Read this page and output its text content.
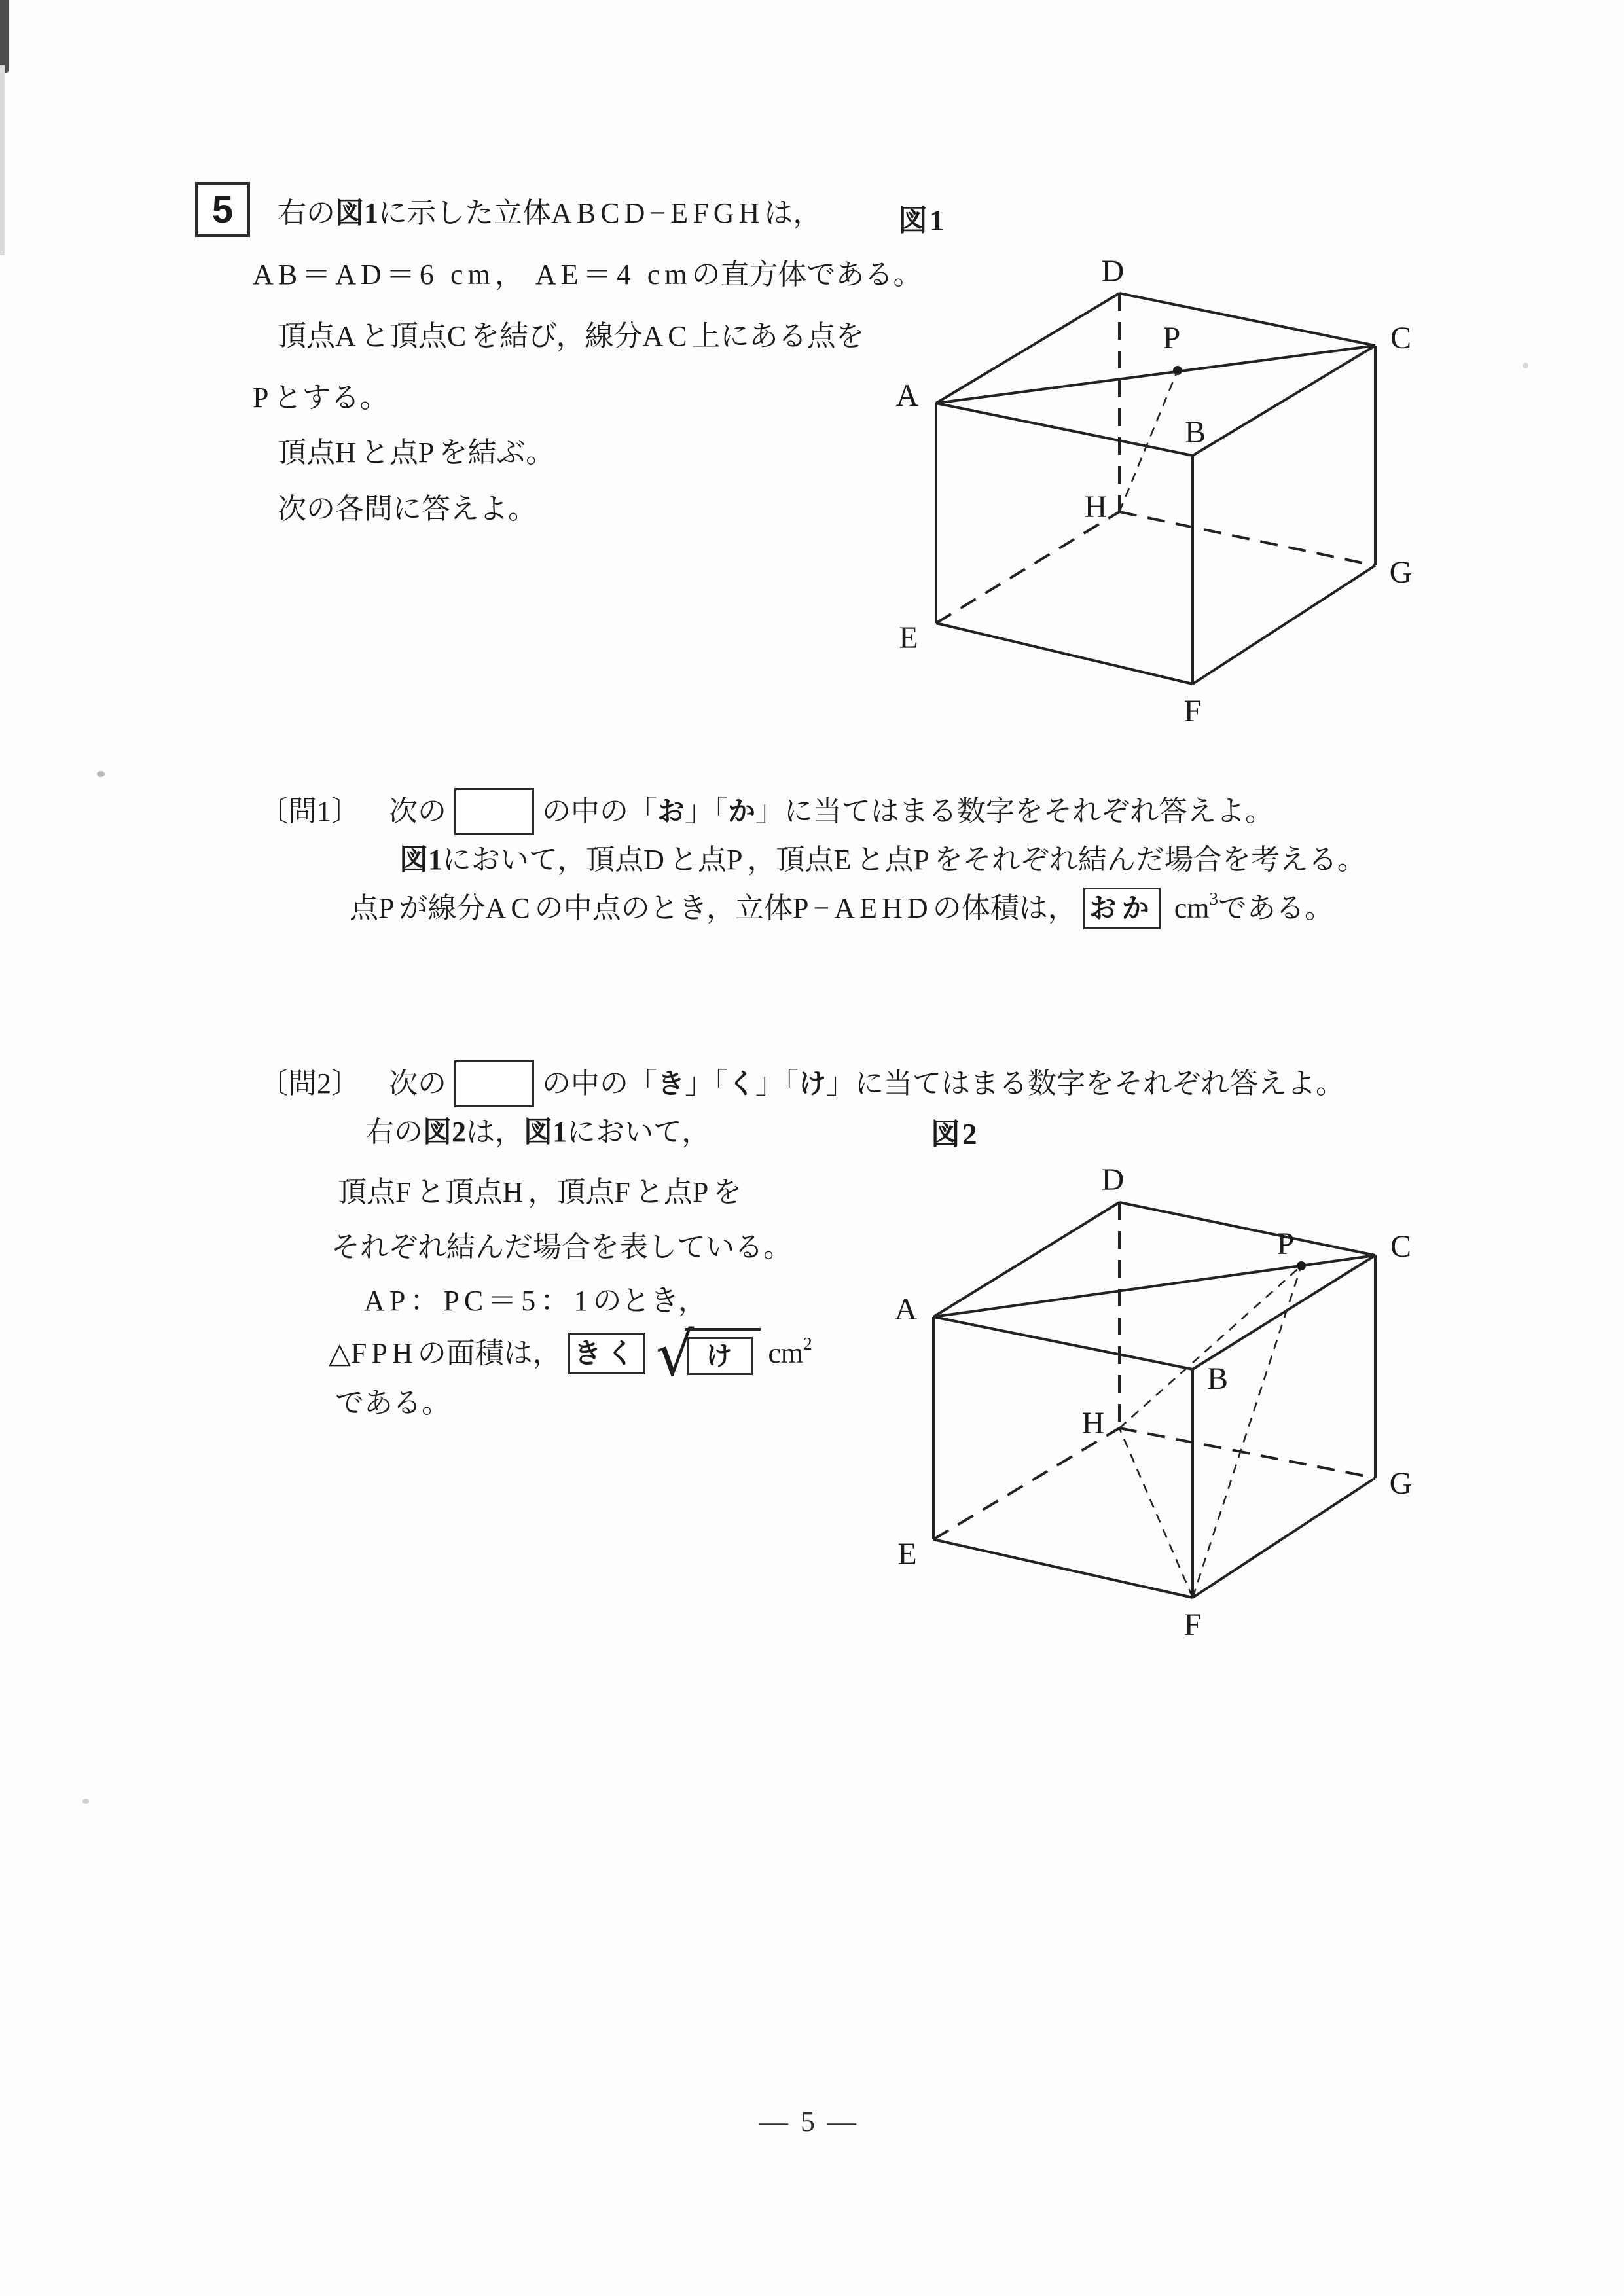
5 右の 図1 に示した立体 ABCD−EFGH は，
AB＝AD＝6 cm，
AE＝4 cm の直方体である。
頂点 A と頂点 C を結び，線分 AC 上にある点を
P とする。
頂点 H と点 P を結ぶ。
次の各問に答えよ。
図1
A
B
C
D
E
F
G
H
P
〔問1〕 　次の	の中の「 お 」「 か 」に当てはまる数字をそれぞれ答えよ。
図1 において，頂点 D と点 P ，頂点 E と点 P をそれぞれ結んだ場合を考える。
点 P が線分 AC の中点のとき，立体 P−AEHD の体積は， おか cm 3 である。
〔問2〕 　次の	の中の「 き 」「 く 」「 け 」に当てはまる数字をそれぞれ答えよ。
右の 図2 は， 図1 において，
頂点 F と頂点 H ，頂点 F と点 P を
それぞれ結んだ場合を表している。
AP：PC＝5：1 のとき，
△ FPH の面積は， きく √ け cm 2
である。
図2
A
B
C
D
E
F
G
H
P
— 5 —
